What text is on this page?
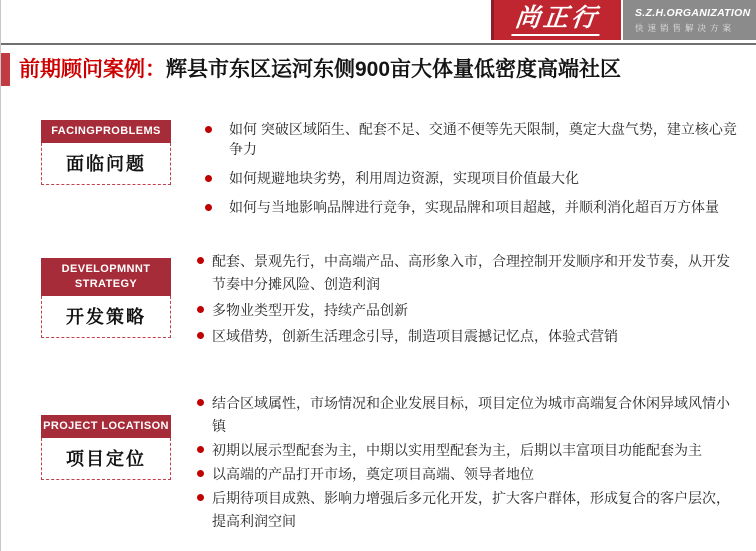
尚正行	S.Z.H.ORGANIZATION
快速销售解决方案
前期顾问案例：辉县市东区运河东侧900亩大体量低密度高端社区
FACINGPROBLEMS
面临问题
如何 突破区域陌生、配套不足、交通不便等先天限制，奠定大盘气势，建立核心竞争力
如何规避地块劣势，利用周边资源，实现项目价值最大化
如何与当地影响品牌进行竞争，实现品牌和项目超越，并顺利消化超百万方体量
DEVELOPMNNT STRATEGY
开发策略
配套、景观先行，中高端产品、高形象入市，合理控制开发顺序和开发节奏，从开发节奏中分摊风险、创造利润
多物业类型开发，持续产品创新
区域借势，创新生活理念引导，制造项目震撼记忆点，体验式营销
PROJECT LOCATISON
项目定位
结合区域属性，市场情况和企业发展目标，项目定位为城市高端复合休闲异域风情小镇
初期以展示型配套为主，中期以实用型配套为主，后期以丰富项目功能配套为主
以高端的产品打开市场，奠定项目高端、领导者地位
后期待项目成熟、影响力增强后多元化开发，扩大客户群体，形成复合的客户层次，提高利润空间
